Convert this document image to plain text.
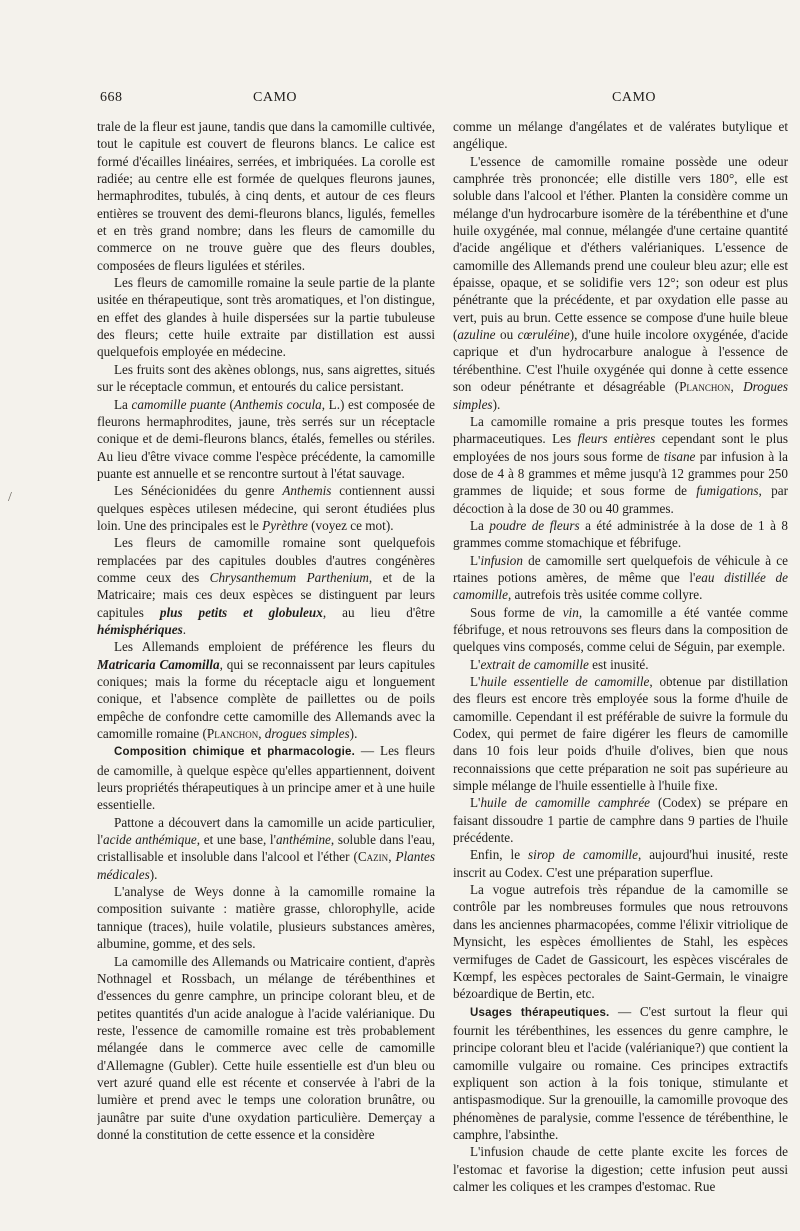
668	CAMO	CAMO
/

trale de la fleur est jaune, tandis que dans la camomille cultivée, tout le capitule est couvert de fleurons blancs. Le calice est formé d'écailles linéaires, serrées, et imbriquées. La corolle est radiée; au centre elle est formée de quelques fleurons jaunes, hermaphrodites, tubulés, à cinq dents, et autour de ces fleurs entières se trouvent des demi-fleurons blancs, ligulés, femelles et en très grand nombre; dans les fleurs de camomille du commerce on ne trouve guère que des fleurs doubles, composées de fleurs ligulées et stériles.

Les fleurs de camomille romaine la seule partie de la plante usitée en thérapeutique, sont très aromatiques, et l'on distingue, en effet des glandes à huile dispersées sur la partie tubuleuse des fleurs; cette huile extraite par distillation est aussi quelquefois employée en médecine.

Les fruits sont des akènes oblongs, nus, sans aigrettes, situés sur le réceptacle commun, et entourés du calice persistant.

La camomille puante (Anthemis cocula, L.) est composée de fleurons hermaphrodites, jaune, très serrés sur un réceptacle conique et de demi-fleurons blancs, étalés, femelles ou stériles. Au lieu d'être vivace comme l'espèce précédente, la camomille puante est annuelle et se rencontre surtout à l'état sauvage.

Les Sénécionidées du genre Anthemis contiennent aussi quelques espèces utilesen médecine, qui seront étudiées plus loin. Une des principales est le Pyrèthre (voyez ce mot).

Les fleurs de camomille romaine sont quelquefois remplacées par des capitules doubles d'autres congénères comme ceux des Chrysanthemum Parthenium, et de la Matricaire; mais ces deux espèces se distinguent par leurs capitules plus petits et globuleux, au lieu d'être hémisphériques.

Les Allemands emploient de préférence les fleurs du Matricaria Camomilla, qui se reconnaissent par leurs capitules coniques; mais la forme du réceptacle aigu et longuement conique, et l'absence complète de paillettes ou de poils empêche de confondre cette camomille des Allemands avec la camomille romaine (Planchon, drogues simples).

Composition chimique et pharmacologie. — Les fleurs de camomille, à quelque espèce qu'elles appartiennent, doivent leurs propriétés thérapeutiques à un principe amer et à une huile essentielle.

Pattone a découvert dans la camomille un acide particulier, l'acide anthémique, et une base, l'anthémine, soluble dans l'eau, cristallisable et insoluble dans l'alcool et l'éther (Cazin, Plantes médicales).

L'analyse de Weys donne à la camomille romaine la composition suivante : matière grasse, chlorophylle, acide tannique (traces), huile volatile, plusieurs substances amères, albumine, gomme, et des sels.

La camomille des Allemands ou Matricaire contient, d'après Nothnagel et Rossbach, un mélange de térébenthines et d'essences du genre camphre, un principe colorant bleu, et de petites quantités d'un acide analogue à l'acide valérianique. Du reste, l'essence de camomille romaine est très probablement mélangée dans le commerce avec celle de camomille d'Allemagne (Gubler). Cette huile essentielle est d'un bleu ou vert azuré quand elle est récente et conservée à l'abri de la lumière et prend avec le temps une coloration brunâtre, ou jaunâtre par suite d'une oxydation particulière. Demerçay a donné la constitution de cette essence et la considère

comme un mélange d'angélates et de valérates butylique et angélique.

L'essence de camomille romaine possède une odeur camphrée très prononcée; elle distille vers 180°, elle est soluble dans l'alcool et l'éther. Planten la considère comme un mélange d'un hydrocarbure isomère de la térébenthine et d'une huile oxygénée, mal connue, mélangée d'une certaine quantité d'acide angélique et d'éthers valérianiques. L'essence de camomille des Allemands prend une couleur bleu azur; elle est épaisse, opaque, et se solidifie vers 12°; son odeur est plus pénétrante que la précédente, et par oxydation elle passe au vert, puis au brun. Cette essence se compose d'une huile bleue (azuline ou cœruléine), d'une huile incolore oxygénée, d'acide caprique et d'un hydrocarbure analogue à l'essence de térébenthine. C'est l'huile oxygénée qui donne à cette essence son odeur pénétrante et désagréable (Planchon, Drogues simples).

La camomille romaine a pris presque toutes les formes pharmaceutiques. Les fleurs entières cependant sont le plus employées de nos jours sous forme de tisane par infusion à la dose de 4 à 8 grammes et même jusqu'à 12 grammes pour 250 grammes de liquide; et sous forme de fumigations, par décoction à la dose de 30 ou 40 grammes.

La poudre de fleurs a été administrée à la dose de 1 à 8 grammes comme stomachique et fébrifuge.

L'infusion de camomille sert quelquefois de véhicule à ce rtaines potions amères, de même que l'eau distillée de camomille, autrefois très usitée comme collyre.

Sous forme de vin, la camomille a été vantée comme fébrifuge, et nous retrouvons ses fleurs dans la composition de quelques vins composés, comme celui de Séguin, par exemple.

L'extrait de camomille est inusité.

L'huile essentielle de camomille, obtenue par distillation des fleurs est encore très employée sous la forme d'huile de camomille. Cependant il est préférable de suivre la formule du Codex, qui permet de faire digérer les fleurs de camomille dans 10 fois leur poids d'huile d'olives, bien que nous reconnaissions que cette préparation ne soit pas supérieure au simple mélange de l'huile essentielle à l'huile fixe.

L'huile de camomille camphrée (Codex) se prépare en faisant dissoudre 1 partie de camphre dans 9 parties de l'huile précédente.

Enfin, le sirop de camomille, aujourd'hui inusité, reste inscrit au Codex. C'est une préparation superflue.

La vogue autrefois très répandue de la camomille se contrôle par les nombreuses formules que nous retrouvons dans les anciennes pharmacopées, comme l'élixir vitriolique de Mynsicht, les espèces émollientes de Stahl, les espèces vermifuges de Cadet de Gassicourt, les espèces viscérales de Kœmpf, les espèces pectorales de Saint-Germain, le vinaigre bézoardique de Bertin, etc.

Usages thérapeutiques. — C'est surtout la fleur qui fournit les térébenthines, les essences du genre camphre, le principe colorant bleu et l'acide (valérianique?) que contient la camomille vulgaire ou romaine. Ces principes extractifs expliquent son action à la fois tonique, stimulante et antispasmodique. Sur la grenouille, la camomille provoque des phénomènes de paralysie, comme l'essence de térébenthine, le camphre, l'absinthe.

L'infusion chaude de cette plante excite les forces de l'estomac et favorise la digestion; cette infusion peut aussi calmer les coliques et les crampes d'estomac. Rue
